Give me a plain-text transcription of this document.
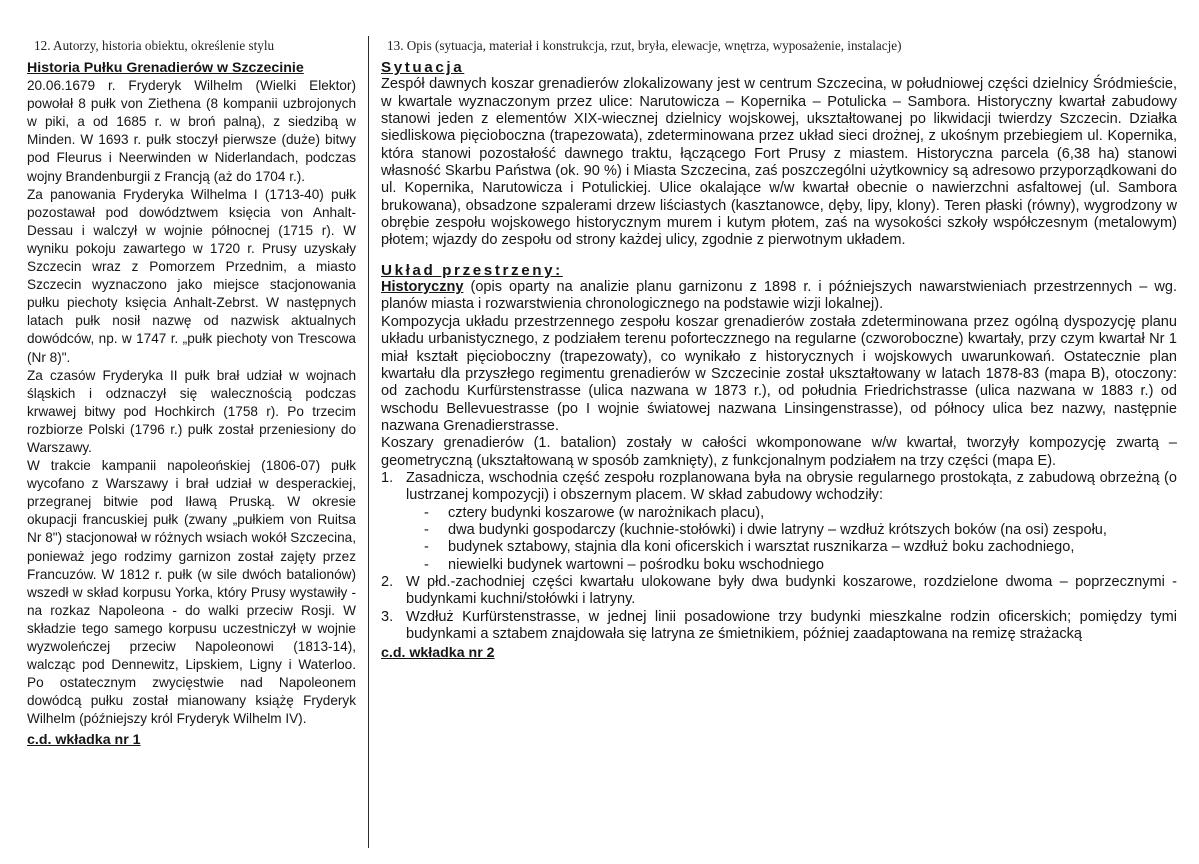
12. Autorzy, historia obiektu, określenie stylu
Historia Pułku Grenadierów w Szczecinie

20.06.1679 r. Fryderyk Wilhelm (Wielki Elektor) powołał 8 pułk von Ziethena (8 kompanii uzbrojonych w piki, a od 1685 r. w broń palną), z siedzibą w Minden. W 1693 r. pułk stoczył pierwsze (duże) bitwy pod Fleurus i Neerwinden w Niderlandach, podczas wojny Brandenburgii z Francją (aż do 1704 r.).

Za panowania Fryderyka Wilhelma I (1713-40) pułk pozostawał pod dowództwem księcia von Anhalt-Dessau i walczył w wojnie północnej (1715 r). W wyniku pokoju zawartego w 1720 r. Prusy uzyskały Szczecin wraz z Pomorzem Przednim, a miasto Szczecin wyznaczono jako miejsce stacjonowania pułku piechoty księcia Anhalt-Zebrst. W następnych latach pułk nosił nazwę od nazwisk aktualnych dowódców, np. w 1747 r. „pułk piechoty von Trescowa (Nr 8)".

Za czasów Fryderyka II pułk brał udział w wojnach śląskich i odznaczył się walecznością podczas krwawej bitwy pod Hochkirch (1758 r). Po trzecim rozbiorze Polski (1796 r.) pułk został przeniesiony do Warszawy.

W trakcie kampanii napoleońskiej (1806-07) pułk wycofano z Warszawy i brał udział w desperackiej, przegranej bitwie pod Iławą Pruską. W okresie okupacji francuskiej pułk (zwany „pułkiem von Ruitsa Nr 8") stacjonował w różnych wsiach wokół Szczecina, ponieważ jego rodzimy garnizon został zajęty przez Francuzów. W 1812 r. pułk (w sile dwóch batalionów) wszedł w skład korpusu Yorka, który Prusy wystawiły - na rozkaz Napoleona - do walki przeciw Rosji. W składzie tego samego korpusu uczestniczył w wojnie wyzwoleńczej przeciw Napoleonowi (1813-14), walcząc pod Dennewitz, Lipskiem, Ligny i Waterloo. Po ostatecznym zwycięstwie nad Napoleonem dowódcą pułku został mianowany książę Fryderyk Wilhelm (późniejszy król Fryderyk Wilhelm IV).

c.d. wkładka nr 1
13. Opis (sytuacja, materiał i konstrukcja, rzut, bryła, elewacje, wnętrza, wyposażenie, instalacje)
Sytuacja

Zespół dawnych koszar grenadierów zlokalizowany jest w centrum Szczecina, w południowej części dzielnicy Śródmieście, w kwartale wyznaczonym przez ulice: Narutowicza – Kopernika – Potulicka – Sambora. Historyczny kwartał zabudowy stanowi jeden z elementów XIX-wiecznej dzielnicy wojskowej, ukształtowanej po likwidacji twierdzy Szczecin. Działka siedliskowa pięcioboczna (trapezowata), zdeterminowana przez układ sieci drożnej, z ukośnym przebiegiem ul. Kopernika, która stanowi pozostałość dawnego traktu, łączącego Fort Prusy z miastem. Historyczna parcela (6,38 ha) stanowi własność Skarbu Państwa (ok. 90 %) i Miasta Szczecina, zaś poszczególni użytkownicy są adresowo przyporządkowani do ul. Kopernika, Narutowicza i Potulickiej. Ulice okalające w/w kwartał obecnie o nawierzchni asfaltowej (ul. Sambora brukowana), obsadzone szpalerami drzew liściastych (kasztanowce, dęby, lipy, klony). Teren płaski (równy), wygrodzony w obrębie zespołu wojskowego historycznym murem i kutym płotem, zaś na wysokości szkoły współczesnym (metalowym) płotem; wjazdy do zespołu od strony każdej ulicy, zgodnie z pierwotnym układem.

Układ przestrzeny:

Historyczny (opis oparty na analizie planu garnizonu z 1898 r. i późniejszych nawarstwieniach przestrzennych – wg. planów miasta i rozwarstwienia chronologicznego na podstawie wizji lokalnej).

Kompozycja układu przestrzennego zespołu koszar grenadierów została zdeterminowana przez ogólną dyspozycję planu układu urbanistycznego, z podziałem terenu poforteczznego na regularne (czworoboczne) kwartały, przy czym kwartał Nr 1 miał kształt pięcioboczny (trapezowaty), co wynikało z historycznych i wojskowych uwarunkowań. Ostatecznie plan kwartału dla przyszłego regimentu grenadierów w Szczecinie został ukształtowany w latach 1878-83 (mapa B), otoczony: od zachodu Kurfürstenstrasse (ulica nazwana w 1873 r.), od południa Friedrichstrasse (ulica nazwana w 1883 r.) od wschodu Bellevuestrasse (po I wojnie światowej nazwana Linsingenstrasse), od północy ulica bez nazwy, następnie nazwana Grenadierstrasse.

Koszary grenadierów (1. batalion) zostały w całości wkomponowane w/w kwartał, tworzyły kompozycję zwartą – geometryczną (ukształtowaną w sposób zamknięty), z funkcjonalnym podziałem na trzy części (mapa E).

1. Zasadnicza, wschodnia część zespołu rozplanowana była na obrysie regularnego prostokąta, z zabudową obrzeżną (o lustrzanej kompozycji) i obszernym placem. W skład zabudowy wchodziły:
- cztery budynki koszarowe (w narożnikach placu),
- dwa budynki gospodarczy (kuchnie-stołówki) i dwie latryny – wzdłuż krótszych boków (na osi) zespołu,
- budynek sztabowy, stajnia dla koni oficerskich i warsztat rusznikarza – wzdłuż boku zachodniego,
- niewielki budynek wartowni – pośrodku boku wschodniego
2. W płd.-zachodniej części kwartału ulokowane były dwa budynki koszarowe, rozdzielone dwoma – poprzecznymi - budynkami kuchni/stołówki i latryny.
3. Wzdłuż Kurfürstenstrasse, w jednej linii posadowione trzy budynki mieszkalne rodzin oficerskich; pomiędzy tymi budynkami a sztabem znajdowała się latryna ze śmietnikiem, później zaadaptowana na remizę strażacką
c.d. wkładka nr 2
